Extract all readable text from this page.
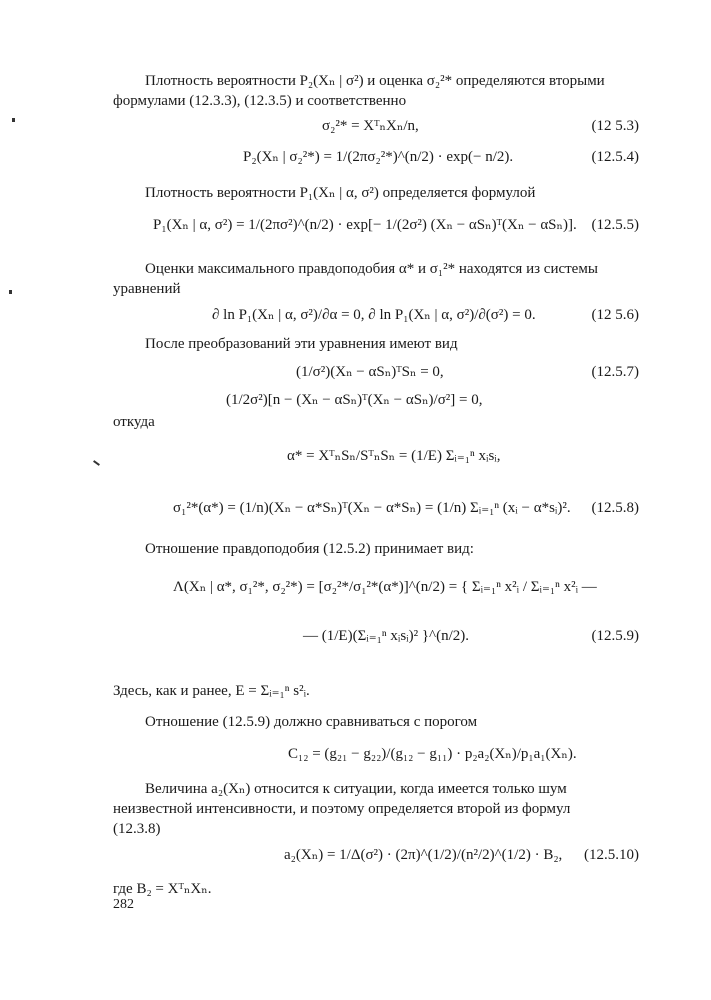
Плотность вероятности P₂(Xₙ | σ²) и оценка σ₂²* определяются вторыми
формулами (12.3.3), (12.3.5) и соответственно
σ₂²* = XᵀₙXₙ/n,	(12 5.3)
P₂(Xₙ | σ₂²*) = 1/(2πσ₂²*)^(n/2) · exp(− n/2).	(12.5.4)
Плотность вероятности P₁(Xₙ | α, σ²) определяется формулой
P₁(Xₙ | α, σ²) = 1/(2πσ²)^(n/2) · exp[− 1/(2σ²) (Xₙ − αSₙ)ᵀ(Xₙ − αSₙ)]. (12.5.5)
Оценки максимального правдоподобия α* и σ₁²* находятся из системы
уравнений
∂ ln P₁(Xₙ | α, σ²)/∂α = 0, ∂ ln P₁(Xₙ | α, σ²)/∂(σ²) = 0.	(12 5.6)
После преобразований эти уравнения имеют вид
(1/σ²)(Xₙ − αSₙ)ᵀSₙ = 0,	(12.5.7)
(1/2σ²)[n − (Xₙ − αSₙ)ᵀ(Xₙ − αSₙ)/σ²] = 0,
откуда
α* = XᵀₙSₙ/SᵀₙSₙ = (1/E) Σᵢ₌₁ⁿ xᵢsᵢ,
σ₁²*(α*) = (1/n)(Xₙ − α*Sₙ)ᵀ(Xₙ − α*Sₙ) = (1/n) Σᵢ₌₁ⁿ (xᵢ − α*sᵢ)². (12.5.8)
Отношение правдоподобия (12.5.2) принимает вид:
Λ(Xₙ | α*, σ₁²*, σ₂²*) = [σ₂²*/σ₁²*(α*)]^(n/2) = { Σᵢ₌₁ⁿ x²ᵢ / Σᵢ₌₁ⁿ x²ᵢ —
— (1/E)(Σᵢ₌₁ⁿ xᵢsᵢ)² }^(n/2).	(12.5.9)
Здесь, как и ранее, E = Σᵢ₌₁ⁿ s²ᵢ.
Отношение (12.5.9) должно сравниваться с порогом
C₁₂ = (g₂₁ − g₂₂)/(g₁₂ − g₁₁) · p₂a₂(Xₙ)/p₁a₁(Xₙ).
Величина a₂(Xₙ) относится к ситуации, когда имеется только шум
неизвестной интенсивности, и поэтому определяется второй из формул
(12.3.8)
a₂(Xₙ) = 1/Δ(σ²) · (2π)^(1/2)/(n²/2)^(1/2) · B₂, (12.5.10)
где B₂ = XᵀₙXₙ.
282
